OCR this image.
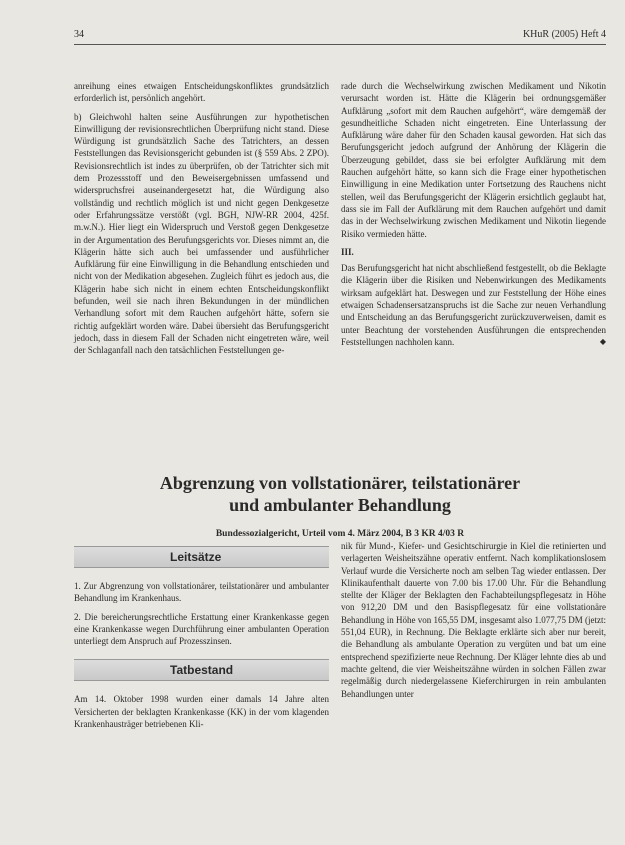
34	KHuR (2005) Heft 4

anreihung eines etwaigen Entscheidungskonfliktes grundsätzlich erforderlich ist, persönlich angehört.

b) Gleichwohl halten seine Ausführungen zur hypothetischen Einwilligung der revisionsrechtlichen Überprüfung nicht stand. Diese Würdigung ist grundsätzlich Sache des Tatrichters, an dessen Feststellungen das Revisionsgericht gebunden ist (§ 559 Abs. 2 ZPO). Revisionsrechtlich ist indes zu überprüfen, ob der Tatrichter sich mit dem Prozessstoff und den Beweisergebnissen umfassend und widerspruchsfrei auseinandergesetzt hat, die Würdigung also vollständig und rechtlich möglich ist und nicht gegen Denkgesetze oder Erfahrungssätze verstößt (vgl. BGH, NJW-RR 2004, 425f. m.w.N.). Hier liegt ein Widerspruch und Verstoß gegen Denkgesetze in der Argumentation des Berufungsgerichts vor. Dieses nimmt an, die Klägerin hätte sich auch bei umfassender und ausführlicher Aufklärung für eine Einwilligung in die Behandlung entschieden und nicht von der Medikation abgesehen. Zugleich führt es jedoch aus, die Klägerin habe sich nicht in einem echten Entscheidungskonflikt befunden, weil sie nach ihren Bekundungen in der mündlichen Verhandlung sofort mit dem Rauchen aufgehört hätte, sofern sie richtig aufgeklärt worden wäre. Dabei übersieht das Berufungsgericht jedoch, dass in diesem Fall der Schaden nicht eingetreten wäre, weil der Schlaganfall nach den tatsächlichen Feststellungen ge-

rade durch die Wechselwirkung zwischen Medikament und Nikotin verursacht worden ist. Hätte die Klägerin bei ordnungsgemäßer Aufklärung „sofort mit dem Rauchen aufgehört“, wäre demgemäß der gesundheitliche Schaden nicht eingetreten. Eine Unterlassung der Aufklärung wäre daher für den Schaden kausal geworden. Hat sich das Berufungsgericht jedoch aufgrund der Anhörung der Klägerin die Überzeugung gebildet, dass sie bei erfolgter Aufklärung mit dem Rauchen aufgehört hätte, so kann sich die Frage einer hypothetischen Einwilligung in eine Medikation unter Fortsetzung des Rauchens nicht stellen, weil das Berufungsgericht der Klägerin ersichtlich geglaubt hat, dass sie im Fall der Aufklärung mit dem Rauchen aufgehört und damit das in der Wechselwirkung zwischen Medikament und Nikotin liegende Risiko vermieden hätte.

III.

Das Berufungsgericht hat nicht abschließend festgestellt, ob die Beklagte die Klägerin über die Risiken und Nebenwirkungen des Medikaments wirksam aufgeklärt hat. Deswegen und zur Feststellung der Höhe eines etwaigen Schadensersatzanspruchs ist die Sache zur neuen Verhandlung und Entscheidung an das Berufungsgericht zurückzuverweisen, damit es unter Beachtung der vorstehenden Ausführungen die entsprechenden Feststellungen nachholen kann.	◆

Abgrenzung von vollstationärer, teilstationärer

und ambulanter Behandlung

Bundessozialgericht, Urteil vom 4. März 2004, B 3 KR 4/03 R
Leitsätze

1. Zur Abgrenzung von vollstationärer, teilstationärer und ambulanter Behandlung im Krankenhaus.

2. Die bereicherungsrechtliche Erstattung einer Krankenkasse gegen eine Krankenkasse wegen Durchführung einer ambulanten Operation unterliegt dem Anspruch auf Prozesszinsen.

Tatbestand

Am 14. Oktober 1998 wurden einer damals 14 Jahre alten Versicherten der beklagten Krankenkasse (KK) in der vom klagenden Krankenhausträger betriebenen Kli-

nik für Mund-, Kiefer- und Gesichtschirurgie in Kiel die retinierten und verlagerten Weisheitszähne operativ entfernt. Nach komplikationslosem Verlauf wurde die Versicherte noch am selben Tag wieder entlassen. Der Klinikaufenthalt dauerte von 7.00 bis 17.00 Uhr. Für die Behandlung stellte der Kläger der Beklagten den Fachabteilungspflegesatz in Höhe von 912,20 DM und den Basispflegesatz für eine vollstationäre Behandlung in Höhe von 165,55 DM, insgesamt also 1.077,75 DM (jetzt: 551,04 EUR), in Rechnung. Die Beklagte erklärte sich aber nur bereit, die Behandlung als ambulante Operation zu vergüten und bat um eine entsprechend spezifizierte neue Rechnung. Der Kläger lehnte dies ab und machte geltend, die vier Weisheitszähne würden in solchen Fällen zwar regelmäßig durch niedergelassene Kieferchirurgen in rein ambulanten Behandlungen unter
